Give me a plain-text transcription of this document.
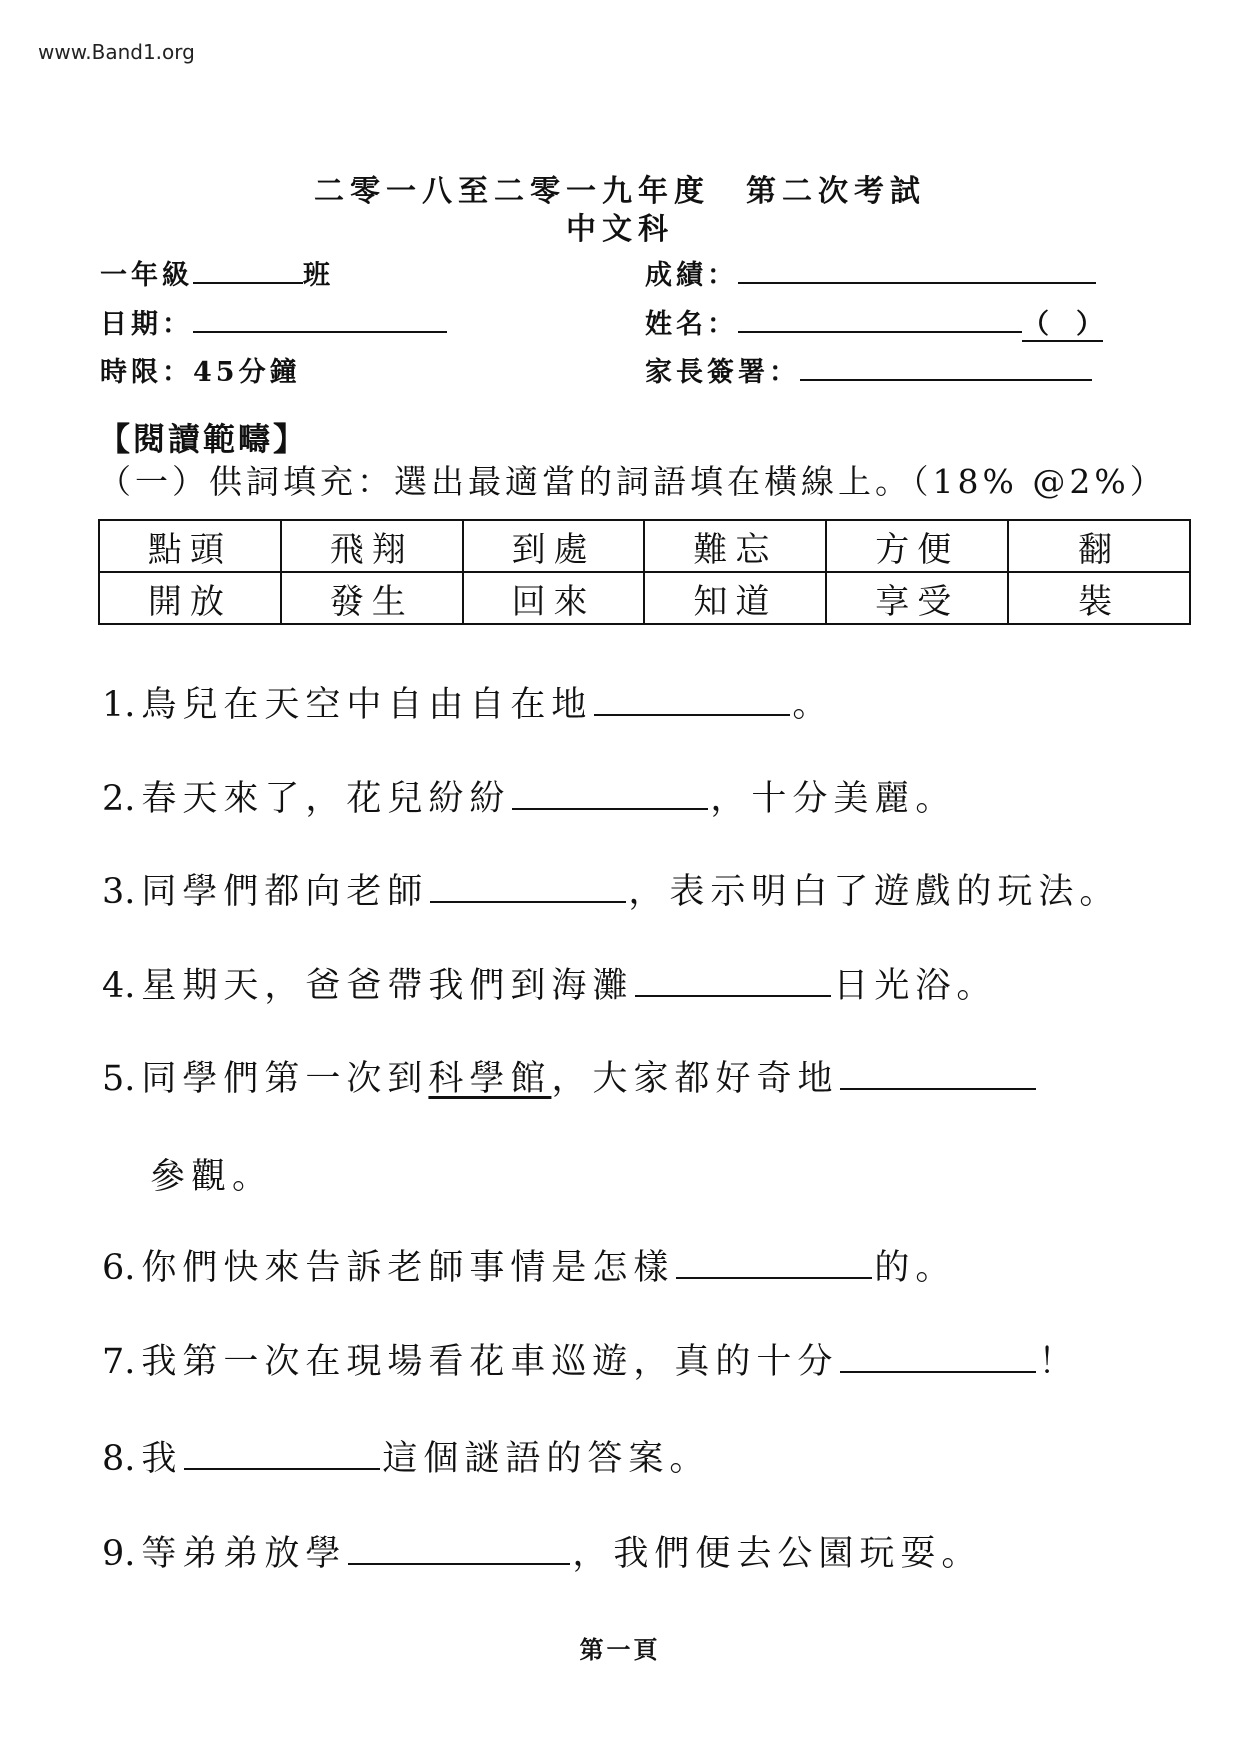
www.Band1.org
二零一八至二零一九年度　第二次考試
中文科
一年級	班	成績：
日期：	姓名：	（　）
時限：45分鐘	家長簽署：
【閱讀範疇】
（一）供詞填充：選出最適當的詞語填在橫線上。（18% @2%）
點頭	飛翔	到處	難忘	方便	翻
開放	發生	回來	知道	享受	裝
1. 鳥兒在天空中自由自在地	。
2. 春天來了，花兒紛紛	，十分美麗。
3. 同學們都向老師	，表示明白了遊戲的玩法。
4. 星期天，爸爸帶我們到海灘	日光浴。
5. 同學們第一次到科學館，大家都好奇地
參觀。
6. 你們快來告訴老師事情是怎樣	的。
7. 我第一次在現場看花車巡遊，真的十分	！
8. 我	這個謎語的答案。
9. 等弟弟放學	，我們便去公園玩耍。
第一頁
